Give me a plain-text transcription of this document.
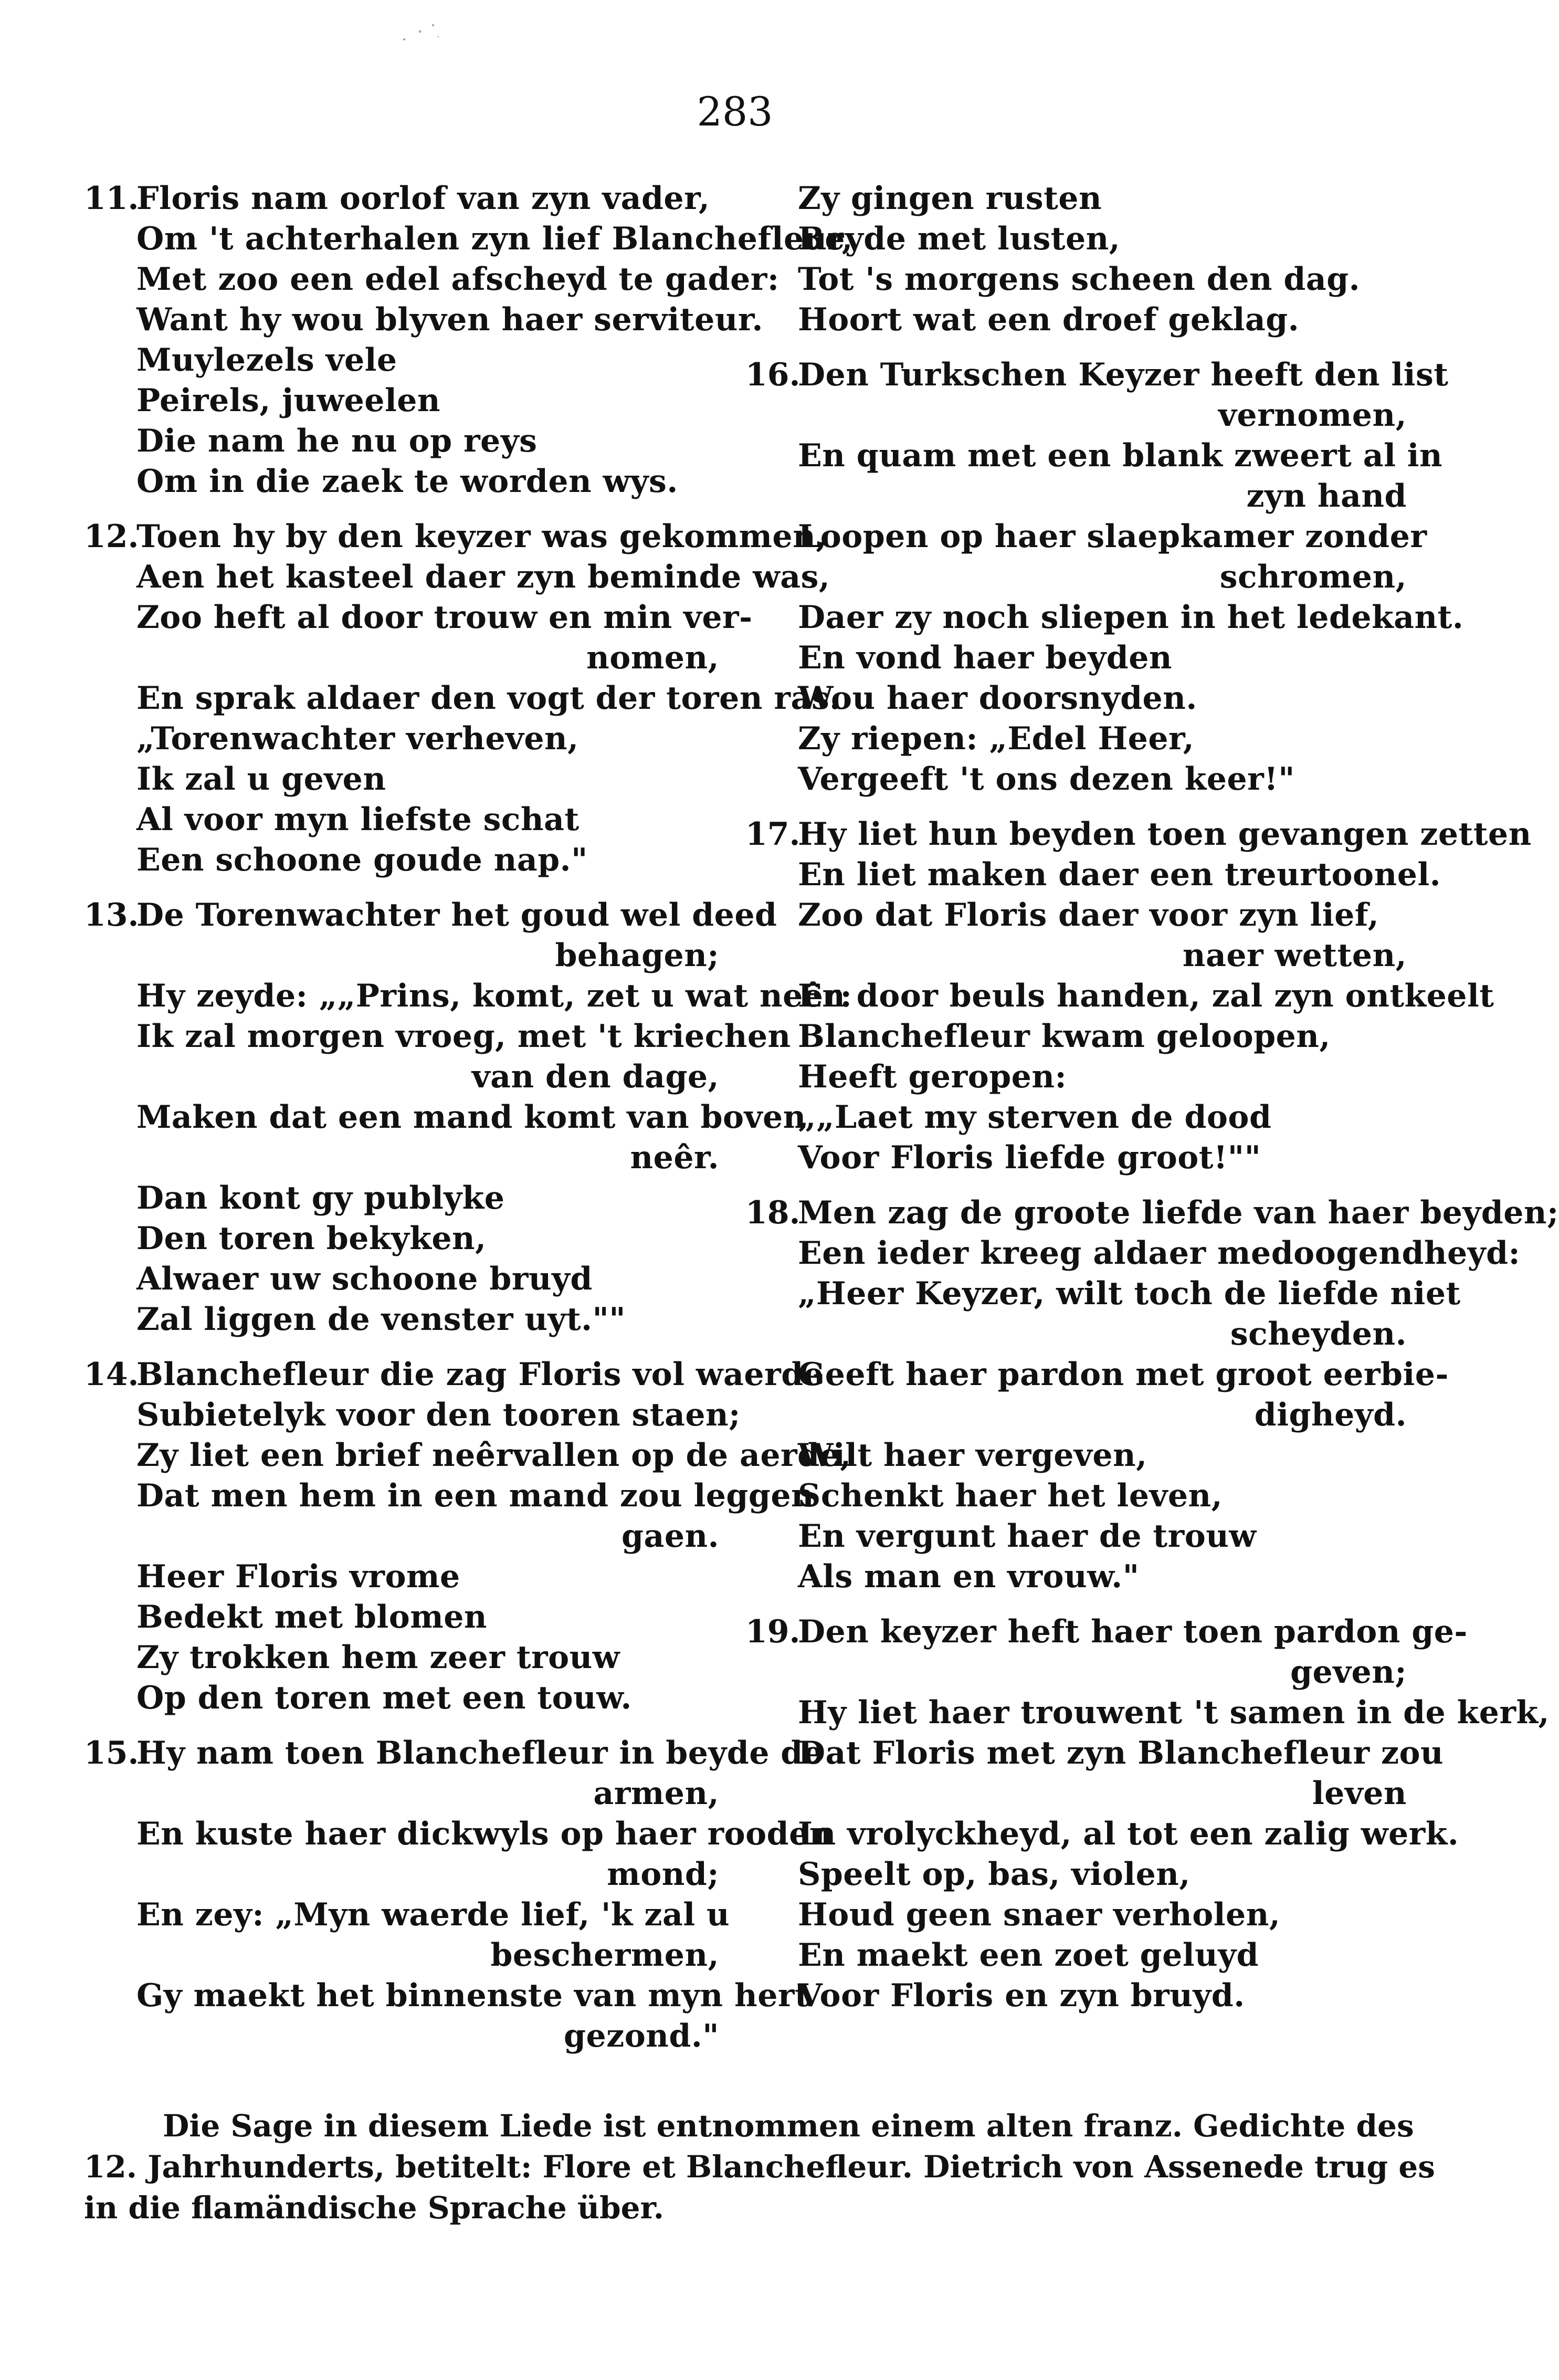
283
11.
Floris nam oorlof van zyn vader,
Om 't achterhalen zyn lief Blanchefleur,
Met zoo een edel afscheyd te gader:
Want hy wou blyven haer serviteur.
Muylezels vele
Peirels, juweelen
Die nam he nu op reys
Om in die zaek te worden wys.
12.
Toen hy by den keyzer was gekommen,
Aen het kasteel daer zyn beminde was,
Zoo heft al door trouw en min ver-
nomen,
En sprak aldaer den vogt der toren ras.
„Torenwachter verheven,
Ik zal u geven
Al voor myn liefste schat
Een schoone goude nap."
13.
De Torenwachter het goud wel deed
behagen;
Hy zeyde: „„Prins, komt, zet u wat neêr:
Ik zal morgen vroeg, met 't kriechen
van den dage,
Maken dat een mand komt van boven
neêr.
Dan kont gy publyke
Den toren bekyken,
Alwaer uw schoone bruyd
Zal liggen de venster uyt.""
14.
Blanchefleur die zag Floris vol waerde
Subietelyk voor den tooren staen;
Zy liet een brief neêrvallen op de aerde,
Dat men hem in een mand zou leggen
gaen.
Heer Floris vrome
Bedekt met blomen
Zy trokken hem zeer trouw
Op den toren met een touw.
15.
Hy nam toen Blanchefleur in beyde de
armen,
En kuste haer dickwyls op haer rooden
mond;
En zey: „Myn waerde lief, 'k zal u
beschermen,
Gy maekt het binnenste van myn hert
gezond."
Zy gingen rusten
Beyde met lusten,
Tot 's morgens scheen den dag.
Hoort wat een droef geklag.
16.
Den Turkschen Keyzer heeft den list
vernomen,
En quam met een blank zweert al in
zyn hand
Loopen op haer slaepkamer zonder
schromen,
Daer zy noch sliepen in het ledekant.
En vond haer beyden
Wou haer doorsnyden.
Zy riepen: „Edel Heer,
Vergeeft 't ons dezen keer!"
17.
Hy liet hun beyden toen gevangen zetten
En liet maken daer een treurtoonel.
Zoo dat Floris daer voor zyn lief,
naer wetten,
En door beuls handen, zal zyn ontkeelt
Blanchefleur kwam geloopen,
Heeft geropen:
„„Laet my sterven de dood
Voor Floris liefde groot!""
18.
Men zag de groote liefde van haer beyden;
Een ieder kreeg aldaer medoogendheyd:
„Heer Keyzer, wilt toch de liefde niet
scheyden.
Geeft haer pardon met groot eerbie-
digheyd.
Wilt haer vergeven,
Schenkt haer het leven,
En vergunt haer de trouw
Als man en vrouw."
19.
Den keyzer heft haer toen pardon ge-
geven;
Hy liet haer trouwent 't samen in de kerk,
Dat Floris met zyn Blanchefleur zou
leven
In vrolyckheyd, al tot een zalig werk.
Speelt op, bas, violen,
Houd geen snaer verholen,
En maekt een zoet geluyd
Voor Floris en zyn bruyd.
Die Sage in diesem Liede ist entnommen einem alten franz. Gedichte des
12. Jahrhunderts, betitelt: Flore et Blanchefleur. Dietrich von Assenede trug es
in die flamändische Sprache über.
